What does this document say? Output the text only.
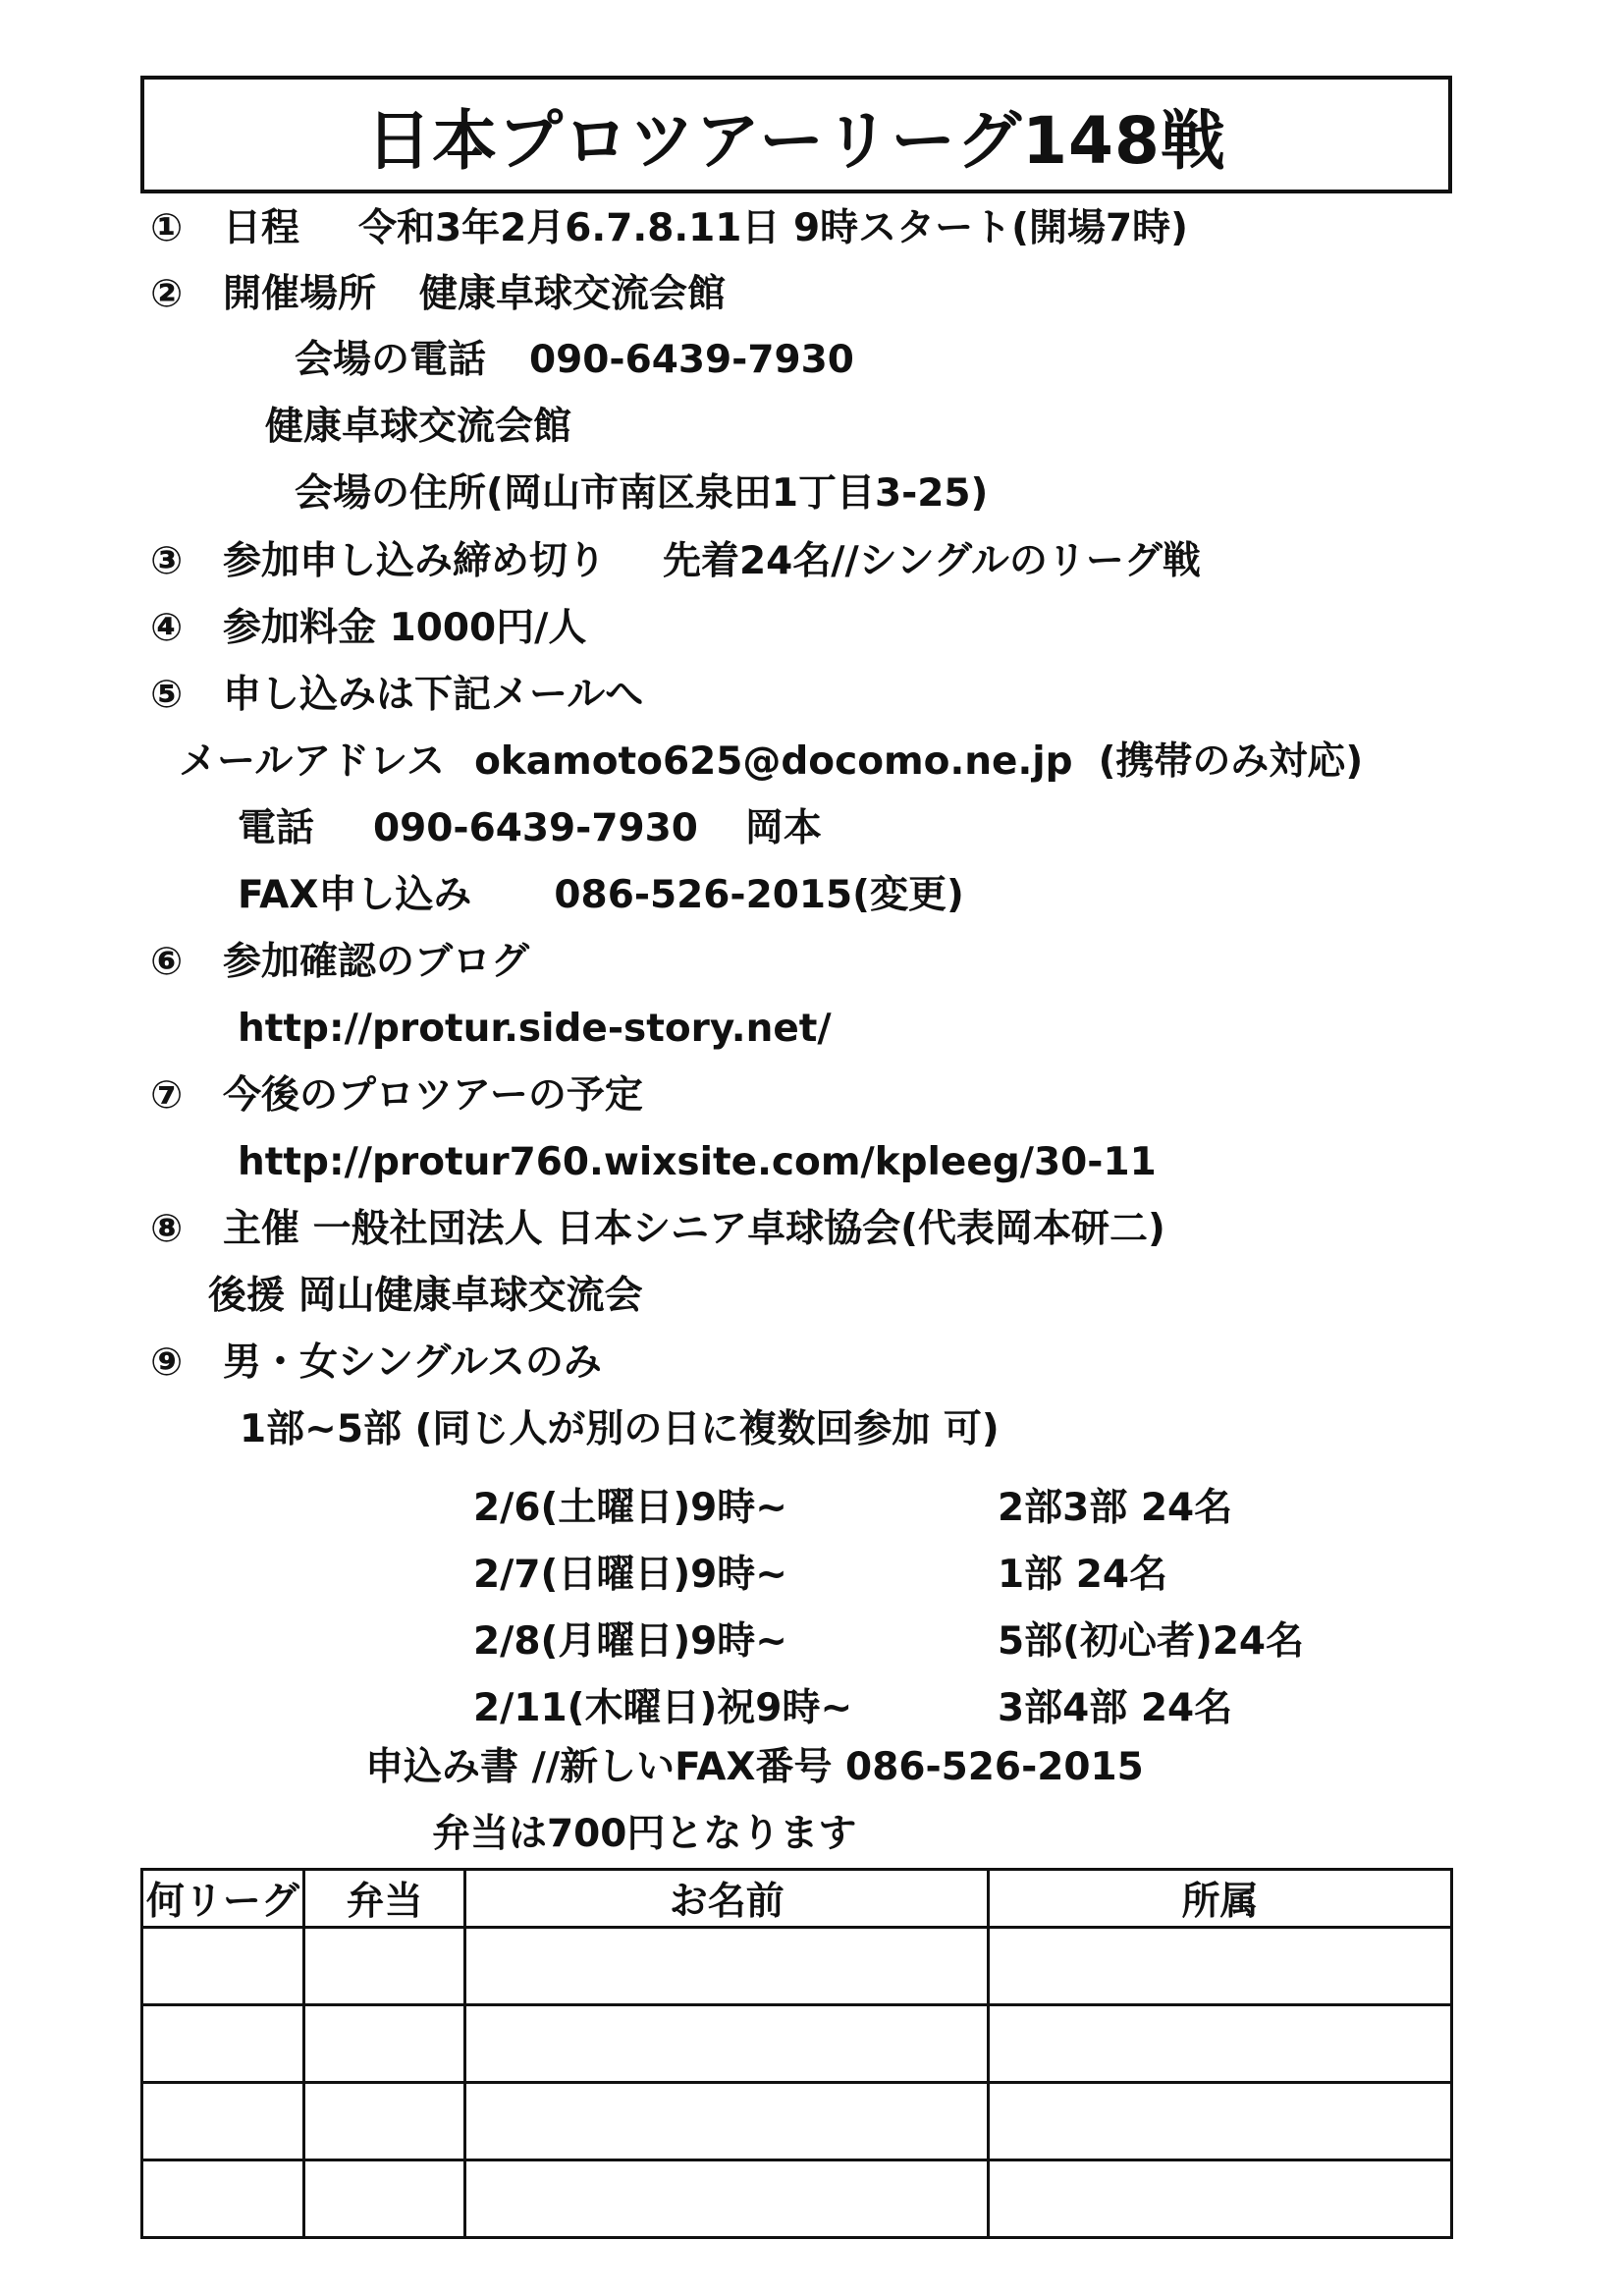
日本プロツアーリーグ148戦
① 日程 令和3年2月6.7.8.11日 9時スタート(開場7時)
② 開催場所 健康卓球交流会館
会場の電話 090-6439-7930
健康卓球交流会館
会場の住所(岡山市南区泉田1丁目3-25)
③ 参加申し込み締め切り 先着24名//シングルのリーグ戦
④ 参加料金 1000円/人
⑤ 申し込みは下記メールへ
メールアドレス okamoto625@docomo.ne.jp (携帯のみ対応)
電話 090-6439-7930 岡本
FAX申し込み 086-526-2015(変更)
⑥ 参加確認のブログ
http://protur.side-story.net/
⑦ 今後のプロツアーの予定
http://protur760.wixsite.com/kpleeg/30-11
⑧ 主催 一般社団法人 日本シニア卓球協会(代表岡本研二)
後援 岡山健康卓球交流会
⑨ 男・女シングルスのみ
1部~5部 (同じ人が別の日に複数回参加 可)
2/6(土曜日)9時~	2部3部 24名
2/7(日曜日)9時~	1部 24名
2/8(月曜日)9時~	5部(初心者)24名
2/11(木曜日)祝9時~	3部4部 24名
申込み書 //新しいFAX番号 086-526-2015
弁当は700円となります
何リーグ	弁当	お名前	所属
